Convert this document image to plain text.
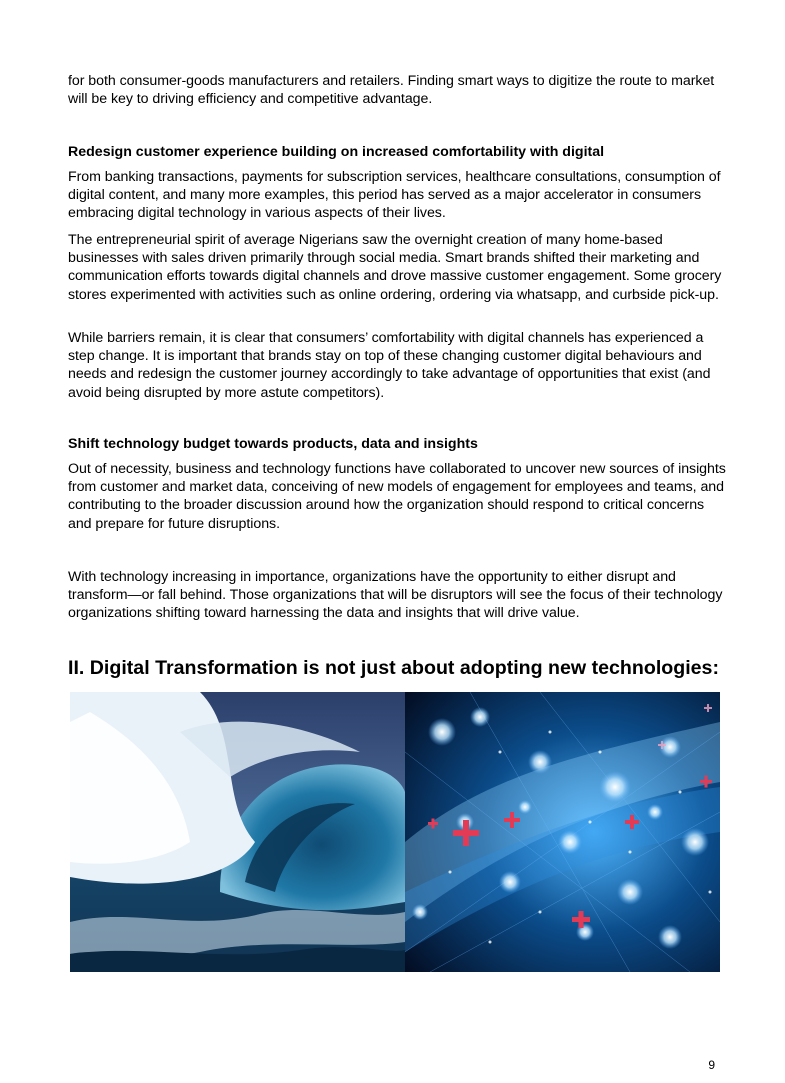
for both consumer-goods manufacturers and retailers. Finding smart ways to digitize the route to market will be key to driving efficiency and competitive advantage.

Redesign customer experience building on increased comfortability with digital

From banking transactions, payments for subscription services, healthcare consultations, consumption of digital content, and many more examples, this period has served as a major accelerator in consumers embracing digital technology in various aspects of their lives.

The entrepreneurial spirit of average Nigerians saw the overnight creation of many home-based businesses with sales driven primarily through social media. Smart brands shifted their marketing and communication efforts towards digital channels and drove massive customer engagement. Some grocery stores experimented with activities such as online ordering, ordering via whatsapp, and curbside pick-up.

While barriers remain, it is clear that consumers’ comfortability with digital channels has experienced a step change. It is important that brands stay on top of these changing customer digital behaviours and needs and redesign the customer journey accordingly to take advantage of opportunities that exist (and avoid being disrupted by more astute competitors).

Shift technology budget towards products, data and insights

Out of necessity, business and technology functions have collaborated to uncover new sources of insights from customer and market data, conceiving of new models of engagement for employees and teams, and contributing to the broader discussion around how the organization should respond to critical concerns and prepare for future disruptions.

With technology increasing in importance, organizations have the opportunity to either disrupt and transform—or fall behind. Those organizations that will be disruptors will see the focus of their technology organizations shifting toward harnessing the data and insights that will drive value.

II. Digital Transformation is not just about adopting new technologies:
9
